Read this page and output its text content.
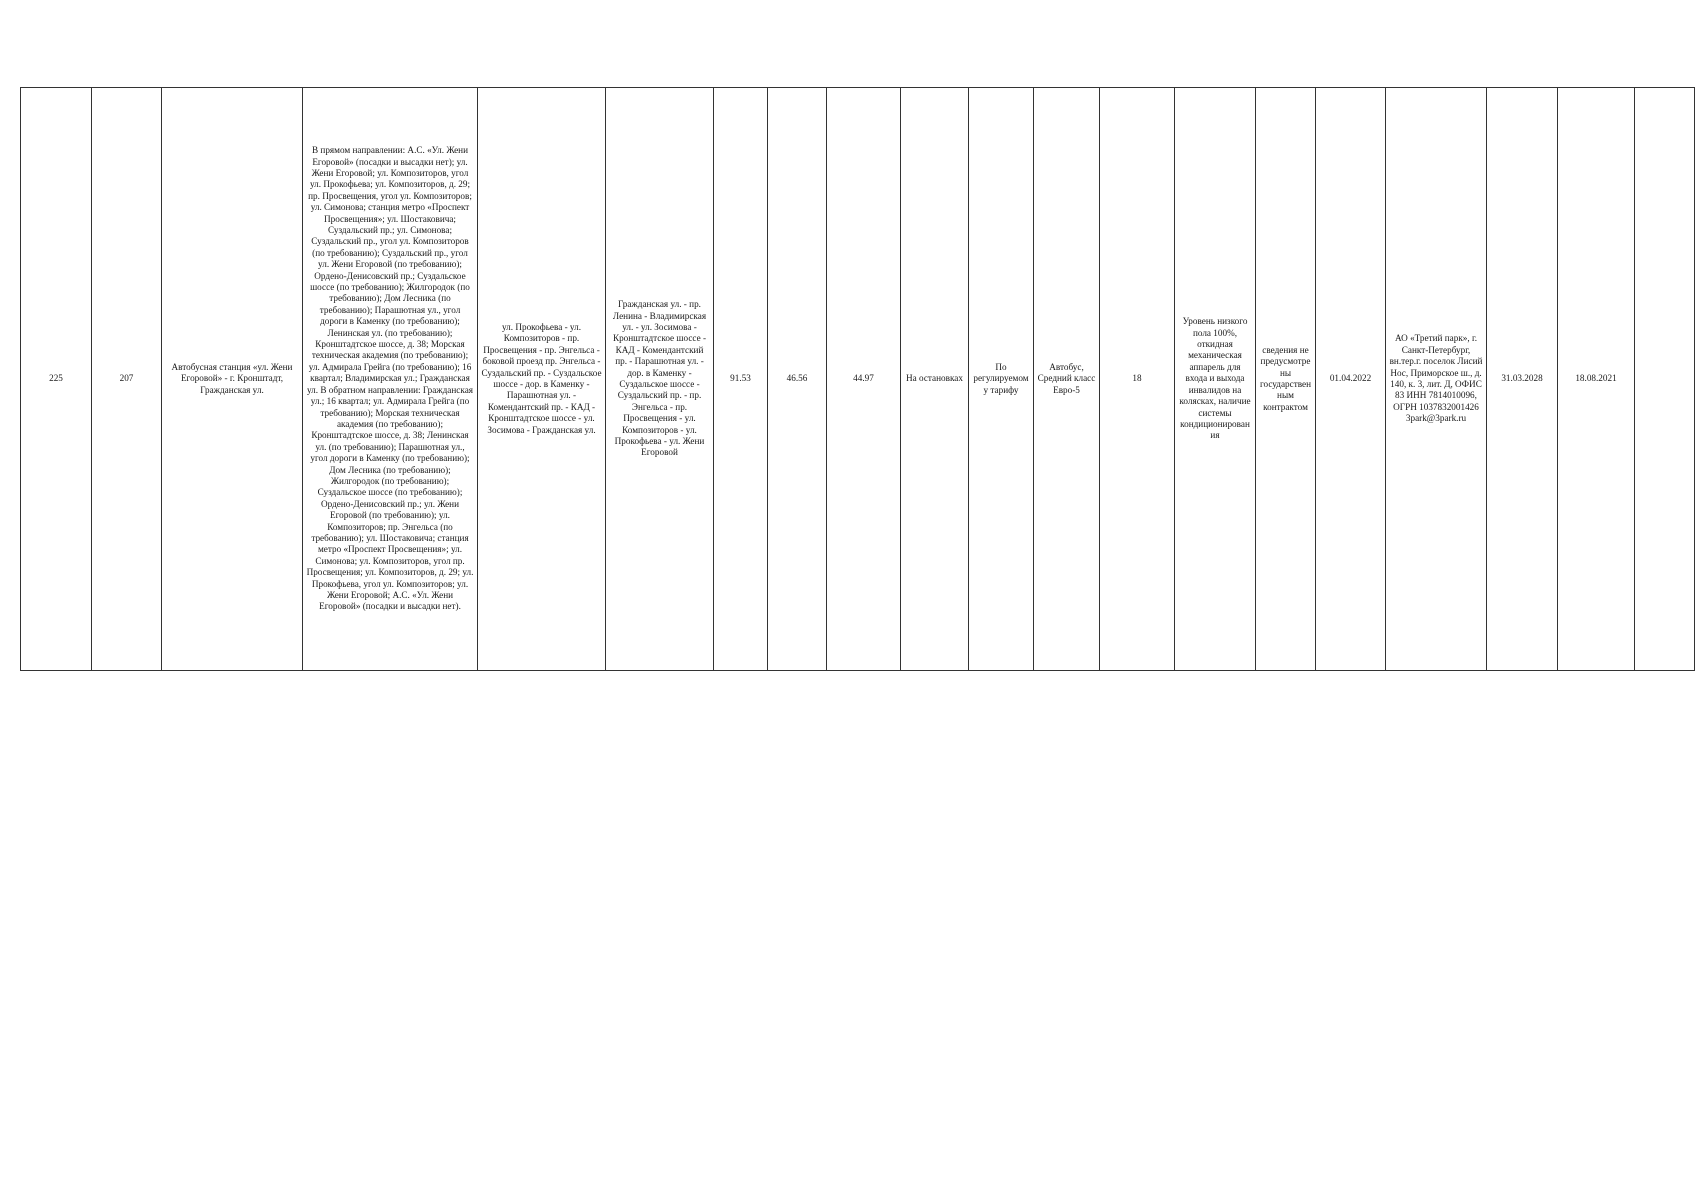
225	207	Автобусная станция «ул. Жени Егоровой» - г. Кронштадт, Гражданская ул.	В прямом направлении: А.С. «Ул. Жени Егоровой» (посадки и высадки нет); ул. Жени Егоровой; ул. Композиторов, угол ул. Прокофьева; ул. Композиторов, д. 29; пр. Просвещения, угол ул. Композиторов; ул. Симонова; станция метро «Проспект Просвещения»; ул. Шостаковича; Суздальский пр.; ул. Симонова; Суздальский пр., угол ул. Композиторов (по требованию); Суздальский пр., угол ул. Жени Егоровой (по требованию); Ордено-Денисовский пр.; Суздальское шоссе (по требованию); Жилгородок (по требованию); Дом Лесника (по требованию); Парашютная ул., угол дороги в Каменку (по требованию); Ленинская ул. (по требованию); Кронштадтское шоссе, д. 38; Морская техническая академия (по требованию); ул. Адмирала Грейга (по требованию); 16 квартал; Владимирская ул.; Гражданская ул. В обратном направлении: Гражданская ул.; 16 квартал; ул. Адмирала Грейга (по требованию); Морская техническая академия (по требованию); Кронштадтское шоссе, д. 38; Ленинская ул. (по требованию); Парашютная ул., угол дороги в Каменку (по требованию); Дом Лесника (по требованию); Жилгородок (по требованию); Суздальское шоссе (по требованию); Ордено-Денисовский пр.; ул. Жени Егоровой (по требованию); ул. Композиторов; пр. Энгельса (по требованию); ул. Шостаковича; станция метро «Проспект Просвещения»; ул. Симонова; ул. Композиторов, угол пр. Просвещения; ул. Композиторов, д. 29; ул. Прокофьева, угол ул. Композиторов; ул. Жени Егоровой; А.С. «Ул. Жени Егоровой» (посадки и высадки нет).	ул. Прокофьева - ул. Композиторов - пр. Просвещения - пр. Энгельса - боковой проезд пр. Энгельса - Суздальский пр. - Суздальское шоссе - дор. в Каменку - Парашютная ул. - Комендантский пр. - КАД - Кронштадтское шоссе - ул. Зосимова - Гражданская ул.	Гражданская ул. - пр. Ленина - Владимирская ул. - ул. Зосимова - Кронштадтское шоссе - КАД - Комендантский пр. - Парашютная ул. - дор. в Каменку - Суздальское шоссе - Суздальский пр. - пр. Энгельса - пр. Просвещения - ул. Композиторов - ул. Прокофьева - ул. Жени Егоровой	91.53	46.56	44.97	На остановках	По регулируемому тарифу	Автобус, Средний класс Евро-5	18	Уровень низкого пола 100%, откидная механическая аппарель для входа и выхода инвалидов на колясках, наличие системы кондиционирования	сведения не предусмотрены государственным контрактом	01.04.2022	АО «Третий парк», г. Санкт-Петербург, вн.тер.г. поселок Лисий Нос, Приморское ш., д. 140, к. 3, лит. Д, ОФИС 83 ИНН 7814010096, ОГРН 1037832001426 3park@3park.ru	31.03.2028	18.08.2021	
